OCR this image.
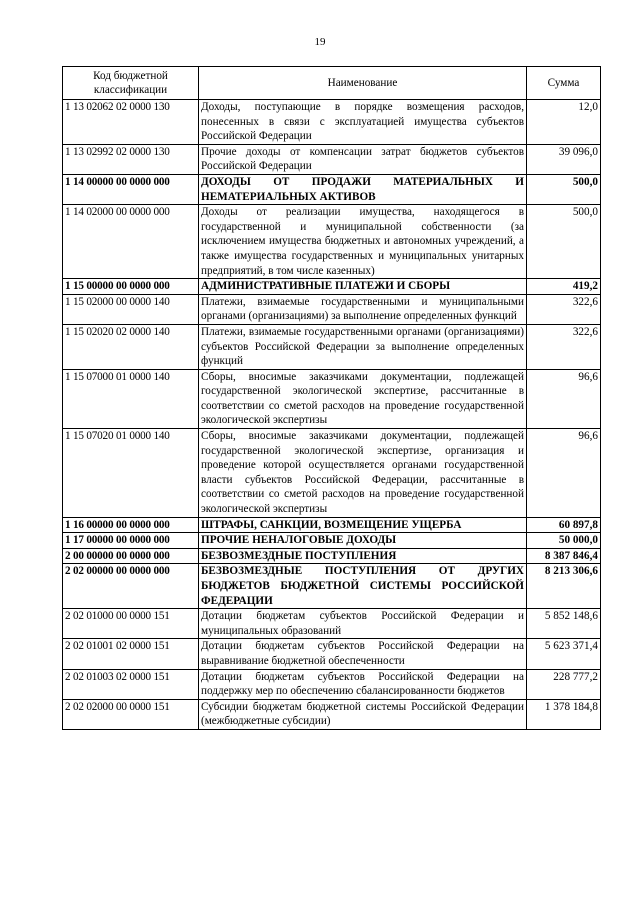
19
Код бюджетной классификации	Наименование	Сумма
1 13 02062 02 0000 130	Доходы, поступающие в порядке возмещения расходов, понесенных в связи с эксплуатацией имущества субъектов Российской Федерации	12,0
1 13 02992 02 0000 130	Прочие доходы от компенсации затрат бюджетов субъектов Российской Федерации	39 096,0
1 14 00000 00 0000 000	ДОХОДЫ ОТ ПРОДАЖИ МАТЕРИАЛЬНЫХ И НЕМАТЕРИАЛЬНЫХ АКТИВОВ	500,0
1 14 02000 00 0000 000	Доходы от реализации имущества, находящегося в государственной и муниципальной собственности (за исключением имущества бюджетных и автономных учреждений, а также имущества государственных и муниципальных унитарных предприятий, в том числе казенных)	500,0
1 15 00000 00 0000 000	АДМИНИСТРАТИВНЫЕ ПЛАТЕЖИ И СБОРЫ	419,2
1 15 02000 00 0000 140	Платежи, взимаемые государственными и муниципальными органами (организациями) за выполнение определенных функций	322,6
1 15 02020 02 0000 140	Платежи, взимаемые государственными органами (организациями) субъектов Российской Федерации за выполнение определенных функций	322,6
1 15 07000 01 0000 140	Сборы, вносимые заказчиками документации, подлежащей государственной экологической экспертизе, рассчитанные в соответствии со сметой расходов на проведение государственной экологической экспертизы	96,6
1 15 07020 01 0000 140	Сборы, вносимые заказчиками документации, подлежащей государственной экологической экспертизе, организация и проведение которой осуществляется органами государственной власти субъектов Российской Федерации, рассчитанные в соответствии со сметой расходов на проведение государственной экологической экспертизы	96,6
1 16 00000 00 0000 000	ШТРАФЫ, САНКЦИИ, ВОЗМЕЩЕНИЕ УЩЕРБА	60 897,8
1 17 00000 00 0000 000	ПРОЧИЕ НЕНАЛОГОВЫЕ ДОХОДЫ	50 000,0
2 00 00000 00 0000 000	БЕЗВОЗМЕЗДНЫЕ ПОСТУПЛЕНИЯ	8 387 846,4
2 02 00000 00 0000 000	БЕЗВОЗМЕЗДНЫЕ ПОСТУПЛЕНИЯ ОТ ДРУГИХ БЮДЖЕТОВ БЮДЖЕТНОЙ СИСТЕМЫ РОССИЙСКОЙ ФЕДЕРАЦИИ	8 213 306,6
2 02 01000 00 0000 151	Дотации бюджетам субъектов Российской Федерации и муниципальных образований	5 852 148,6
2 02 01001 02 0000 151	Дотации бюджетам субъектов Российской Федерации на выравнивание бюджетной обеспеченности	5 623 371,4
2 02 01003 02 0000 151	Дотации бюджетам субъектов Российской Федерации на поддержку мер по обеспечению сбалансированности бюджетов	228 777,2
2 02 02000 00 0000 151	Субсидии бюджетам бюджетной системы Российской Федерации (межбюджетные субсидии)	1 378 184,8
